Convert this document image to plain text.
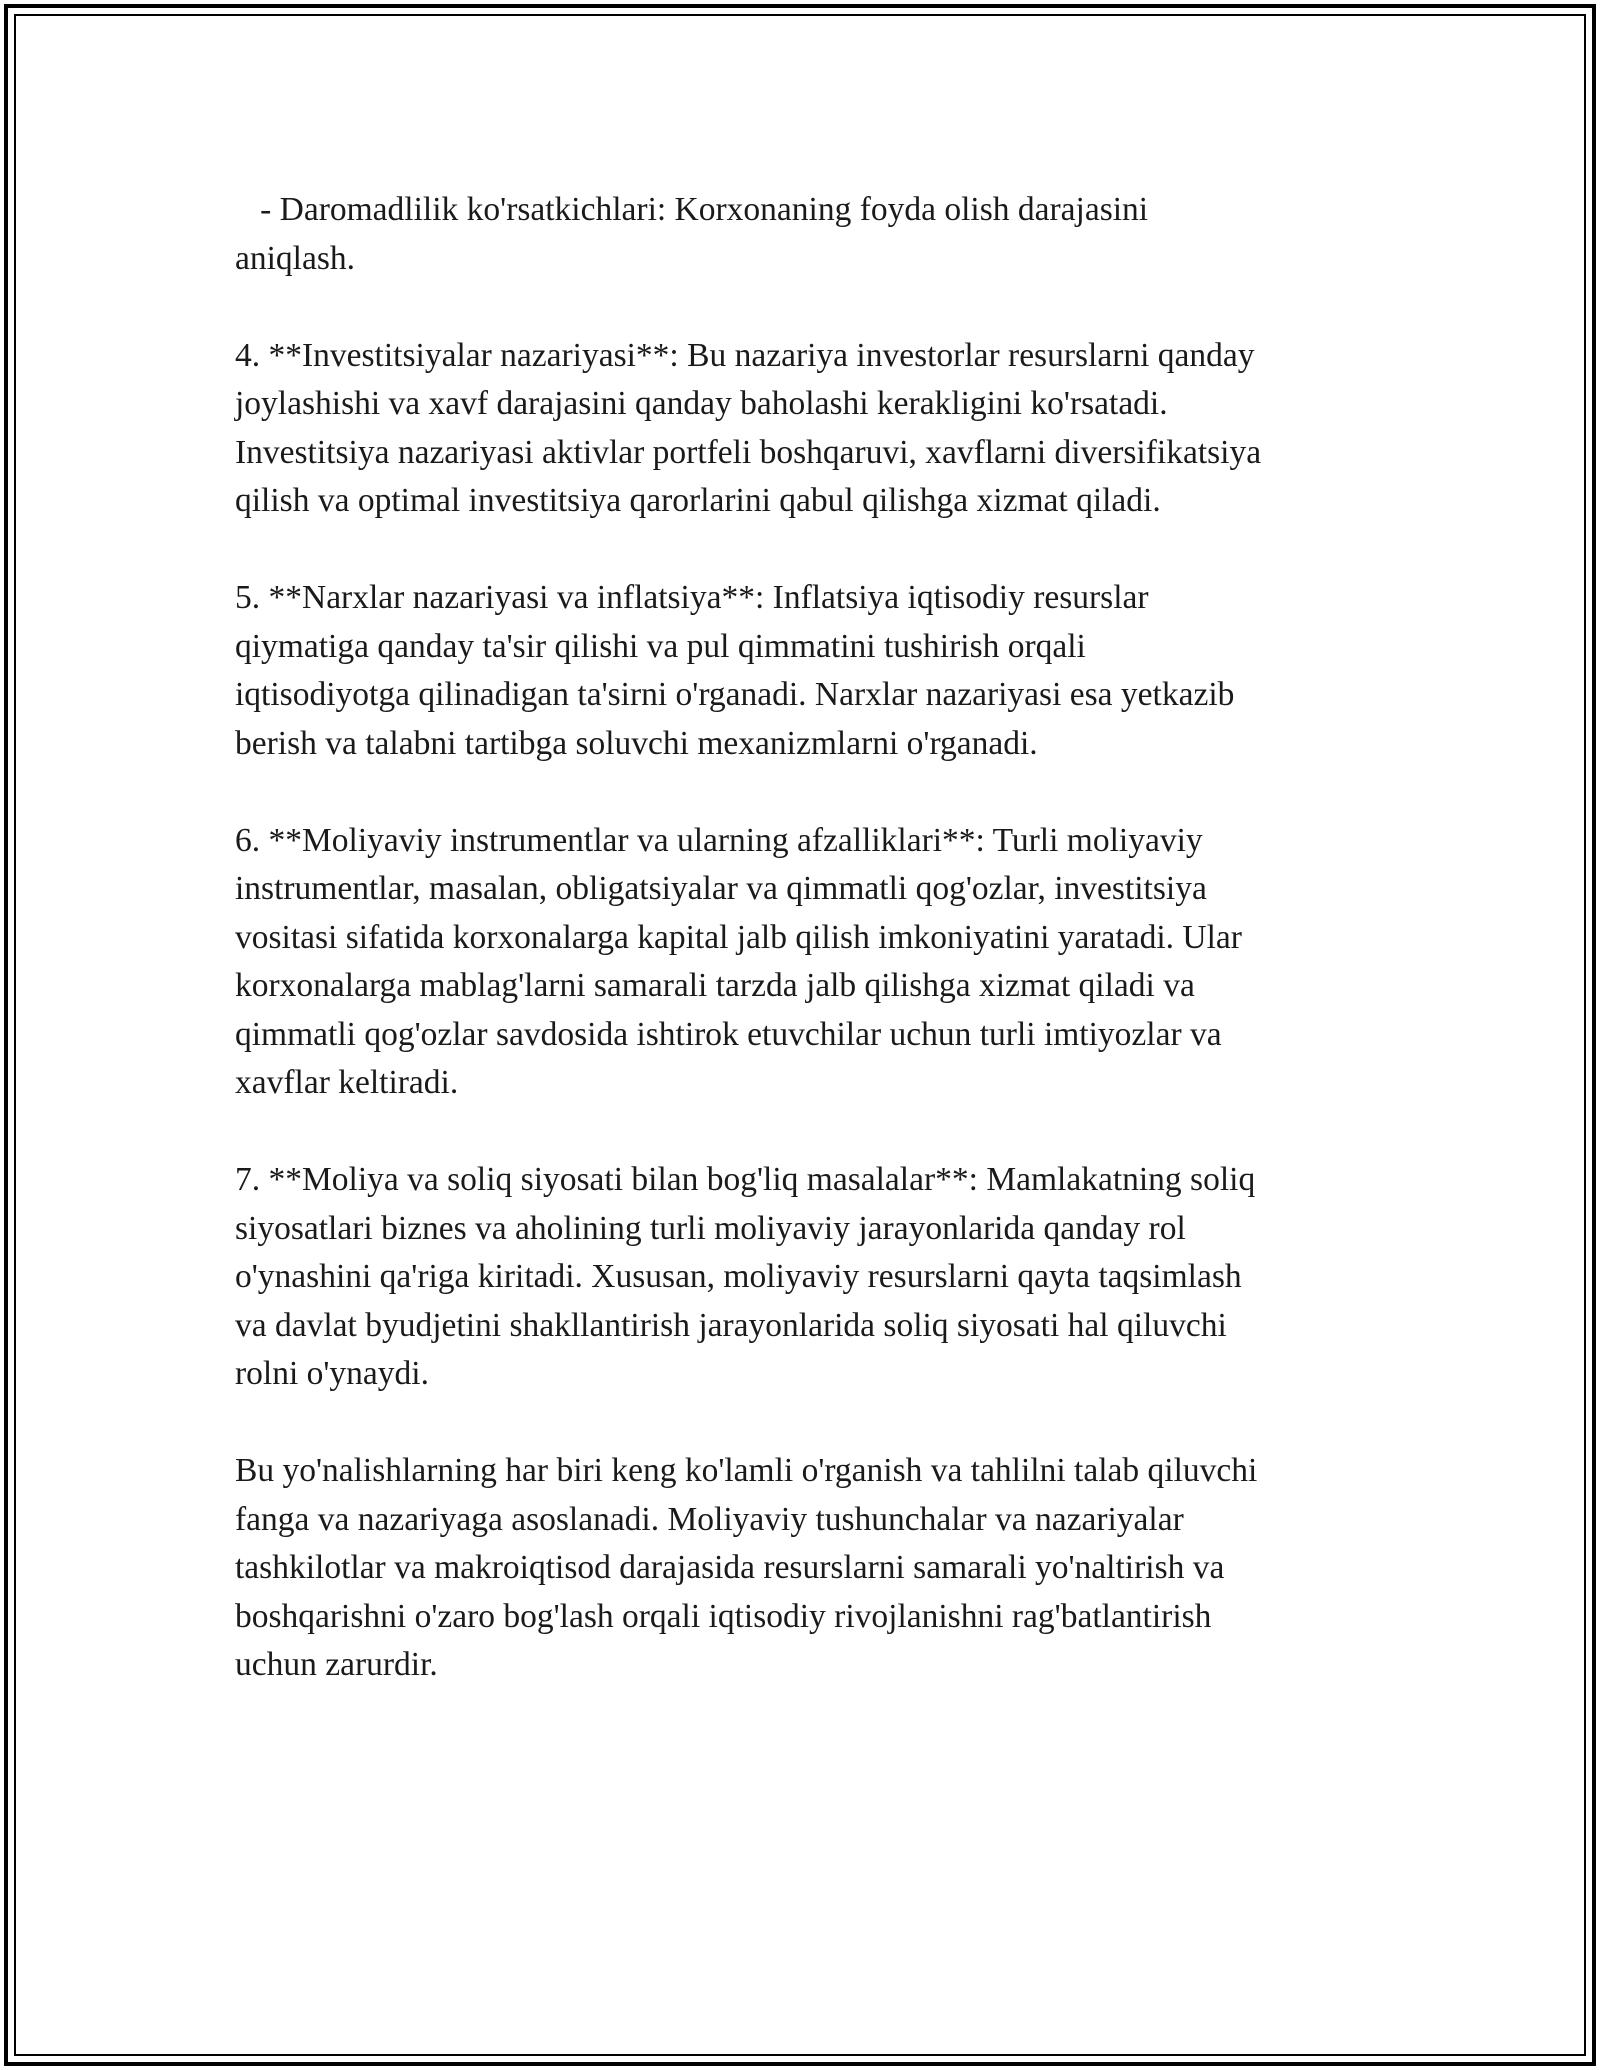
- Daromadlilik ko'rsatkichlari: Korxonaning foyda olish darajasini
aniqlash.

4. **Investitsiyalar nazariyasi**: Bu nazariya investorlar resurslarni qanday
joylashishi va xavf darajasini qanday baholashi kerakligini ko'rsatadi.
Investitsiya nazariyasi aktivlar portfeli boshqaruvi, xavflarni diversifikatsiya
qilish va optimal investitsiya qarorlarini qabul qilishga xizmat qiladi.

5. **Narxlar nazariyasi va inflatsiya**: Inflatsiya iqtisodiy resurslar
qiymatiga qanday ta'sir qilishi va pul qimmatini tushirish orqali
iqtisodiyotga qilinadigan ta'sirni o'rganadi. Narxlar nazariyasi esa yetkazib
berish va talabni tartibga soluvchi mexanizmlarni o'rganadi.

6. **Moliyaviy instrumentlar va ularning afzalliklari**: Turli moliyaviy
instrumentlar, masalan, obligatsiyalar va qimmatli qog'ozlar, investitsiya
vositasi sifatida korxonalarga kapital jalb qilish imkoniyatini yaratadi. Ular
korxonalarga mablag'larni samarali tarzda jalb qilishga xizmat qiladi va
qimmatli qog'ozlar savdosida ishtirok etuvchilar uchun turli imtiyozlar va
xavflar keltiradi.

7. **Moliya va soliq siyosati bilan bog'liq masalalar**: Mamlakatning soliq
siyosatlari biznes va aholining turli moliyaviy jarayonlarida qanday rol
o'ynashini qa'riga kiritadi. Xususan, moliyaviy resurslarni qayta taqsimlash
va davlat byudjetini shakllantirish jarayonlarida soliq siyosati hal qiluvchi
rolni o'ynaydi.

Bu yo'nalishlarning har biri keng ko'lamli o'rganish va tahlilni talab qiluvchi
fanga va nazariyaga asoslanadi. Moliyaviy tushunchalar va nazariyalar
tashkilotlar va makroiqtisod darajasida resurslarni samarali yo'naltirish va
boshqarishni o'zaro bog'lash orqali iqtisodiy rivojlanishni rag'batlantirish
uchun zarurdir.
